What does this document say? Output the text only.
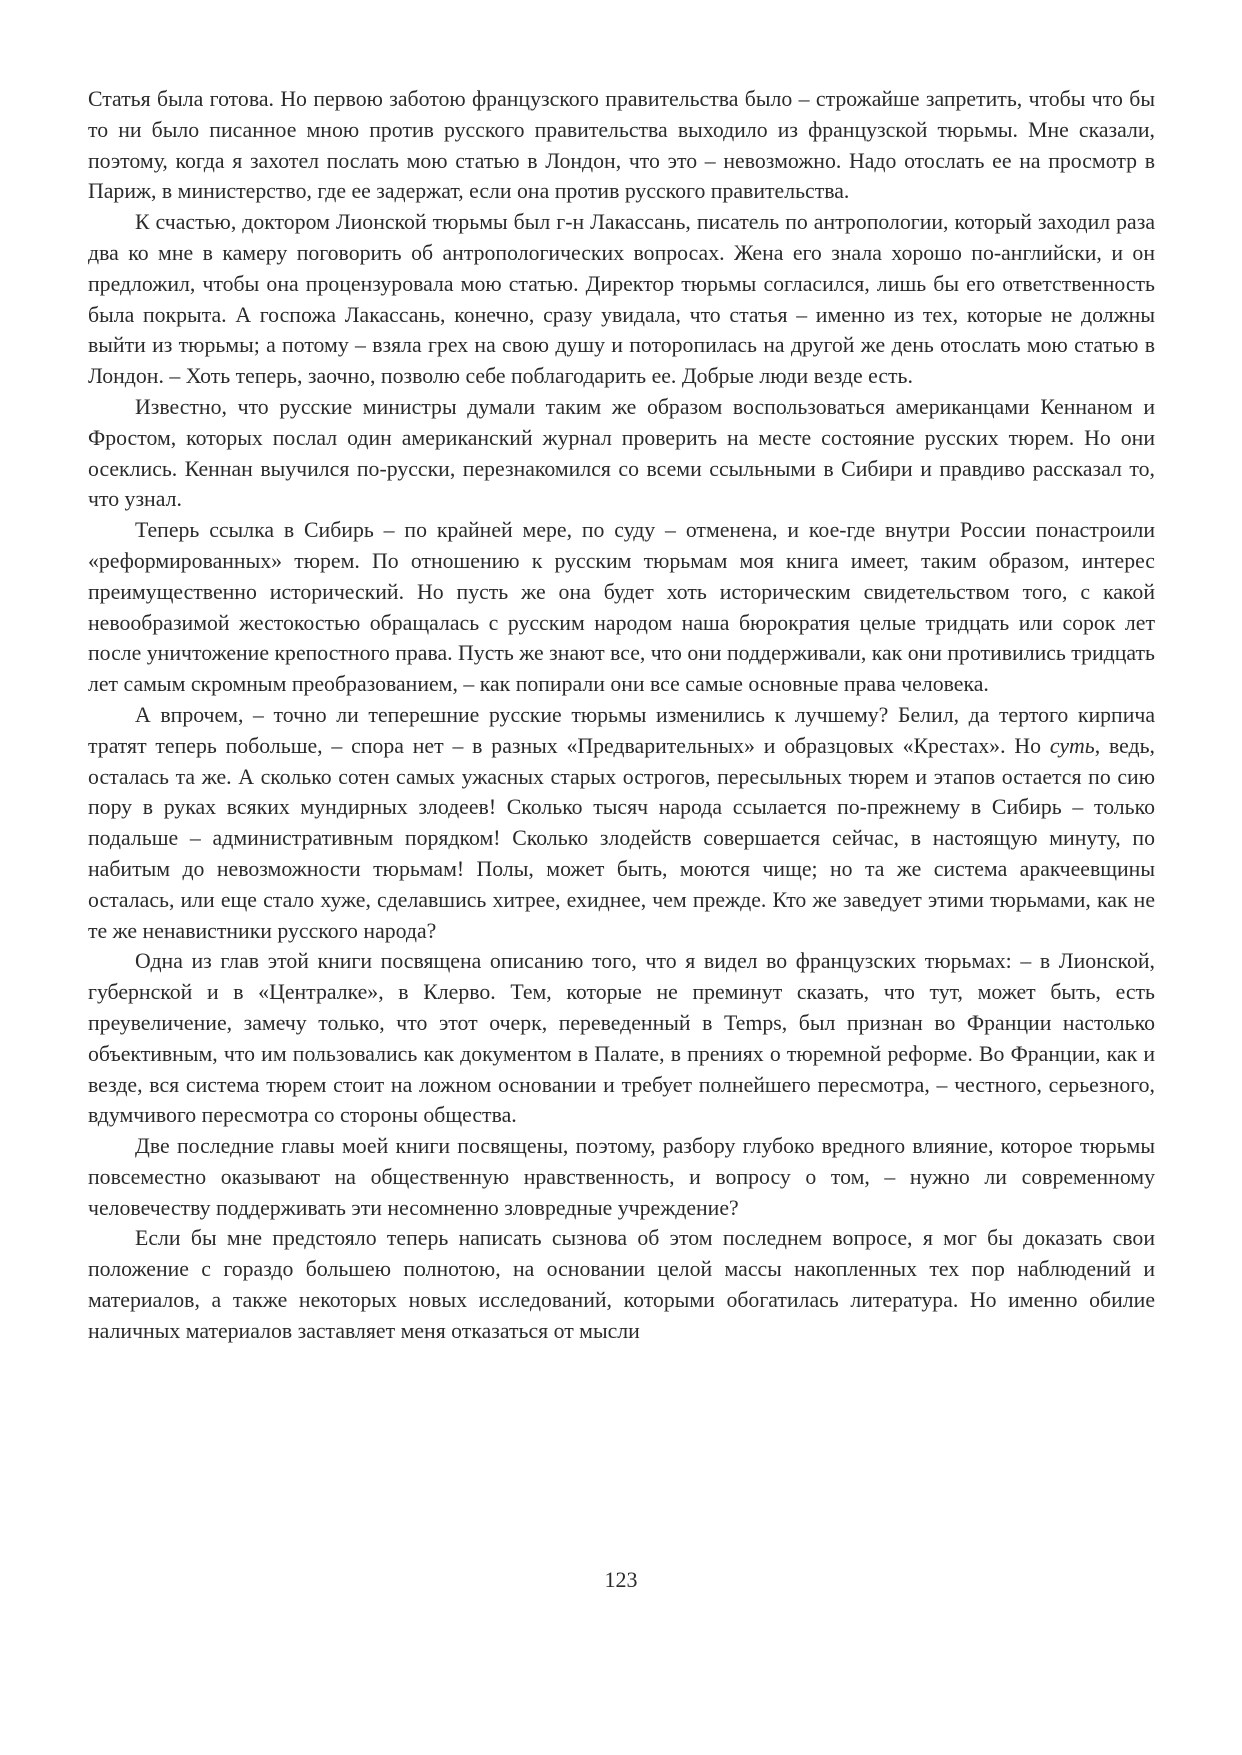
Статья была готова. Но первою заботою французского правительства было – строжайше запретить, чтобы что бы то ни было писанное мною против русского правительства выходило из французской тюрьмы. Мне сказали, поэтому, когда я захотел послать мою статью в Лондон, что это – невозможно. Надо отослать ее на просмотр в Париж, в министерство, где ее задержат, если она против русского правительства.

К счастью, доктором Лионской тюрьмы был г-н Лакассань, писатель по антропологии, который заходил раза два ко мне в камеру поговорить об антропологических вопросах. Жена его знала хорошо по-английски, и он предложил, чтобы она процензуровала мою статью. Директор тюрьмы согласился, лишь бы его ответственность была покрыта. А госпожа Лакассань, конечно, сразу увидала, что статья – именно из тех, которые не должны выйти из тюрьмы; а потому – взяла грех на свою душу и поторопилась на другой же день отослать мою статью в Лондон. – Хоть теперь, заочно, позволю себе поблагодарить ее. Добрые люди везде есть.

Известно, что русские министры думали таким же образом воспользоваться американцами Кеннаном и Фростом, которых послал один американский журнал проверить на месте состояние русских тюрем. Но они осеклись. Кеннан выучился по-русски, перезнакомился со всеми ссыльными в Сибири и правдиво рассказал то, что узнал.

Теперь ссылка в Сибирь – по крайней мере, по суду – отменена, и кое-где внутри России понастроили «реформированных» тюрем. По отношению к русским тюрьмам моя книга имеет, таким образом, интерес преимущественно исторический. Но пусть же она будет хоть историческим свидетельством того, с какой невообразимой жестокостью обращалась с русским народом наша бюрократия целые тридцать или сорок лет после уничтожение крепостного права. Пусть же знают все, что они поддерживали, как они противились тридцать лет самым скромным преобразованием, – как попирали они все самые основные права человека.

А впрочем, – точно ли теперешние русские тюрьмы изменились к лучшему? Белил, да тертого кирпича тратят теперь побольше, – спора нет – в разных «Предварительных» и образцовых «Крестах». Но суть, ведь, осталась та же. А сколько сотен самых ужасных старых острогов, пересыльных тюрем и этапов остается по сию пору в руках всяких мундирных злодеев! Сколько тысяч народа ссылается по-прежнему в Сибирь – только подальше – административным порядком! Сколько злодейств совершается сейчас, в настоящую минуту, по набитым до невозможности тюрьмам! Полы, может быть, моются чище; но та же система аракчеевщины осталась, или еще стало хуже, сделавшись хитрее, ехиднее, чем прежде. Кто же заведует этими тюрьмами, как не те же ненавистники русского народа?

Одна из глав этой книги посвящена описанию того, что я видел во французских тюрьмах: – в Лионской, губернской и в «Централке», в Клерво. Тем, которые не преминут сказать, что тут, может быть, есть преувеличение, замечу только, что этот очерк, переведенный в Temps, был признан во Франции настолько объективным, что им пользовались как документом в Палате, в прениях о тюремной реформе. Во Франции, как и везде, вся система тюрем стоит на ложном основании и требует полнейшего пересмотра, – честного, серьезного, вдумчивого пересмотра со стороны общества.

Две последние главы моей книги посвящены, поэтому, разбору глубоко вредного влияние, которое тюрьмы повсеместно оказывают на общественную нравственность, и вопросу о том, – нужно ли современному человечеству поддерживать эти несомненно зловредные учреждение?

Если бы мне предстояло теперь написать сызнова об этом последнем вопросе, я мог бы доказать свои положение с гораздо большею полнотою, на основании целой массы накопленных тех пор наблюдений и материалов, а также некоторых новых исследований, которыми обогатилась литература. Но именно обилие наличных материалов заставляет меня отказаться от мысли

123
